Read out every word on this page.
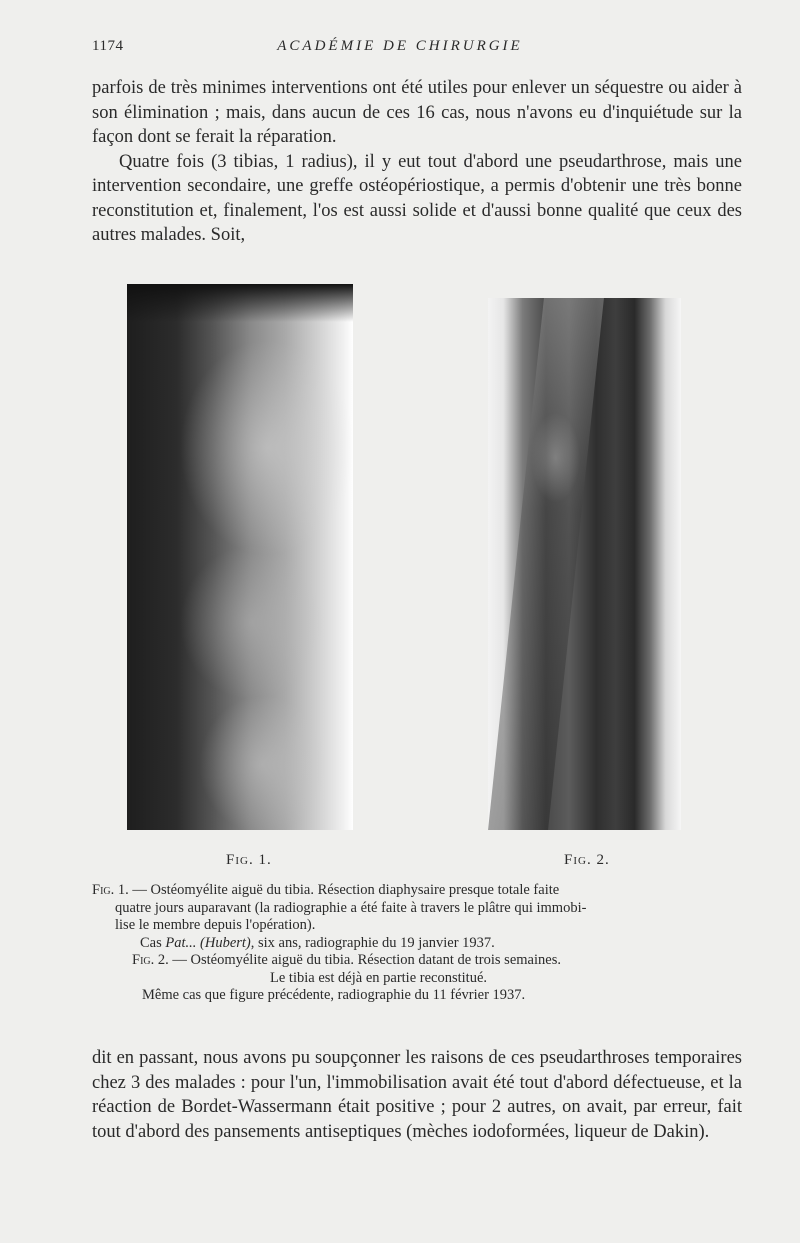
1174	ACADÉMIE DE CHIRURGIE

parfois de très minimes interventions ont été utiles pour enlever un séquestre ou aider à son élimination ; mais, dans aucun de ces 16 cas, nous n'avons eu d'inquiétude sur la façon dont se ferait la réparation.

Quatre fois (3 tibias, 1 radius), il y eut tout d'abord une pseudarthrose, mais une intervention secondaire, une greffe ostéopériostique, a permis d'obtenir une très bonne reconstitution et, finalement, l'os est aussi solide et d'aussi bonne qualité que ceux des autres malades. Soit,

Fig. 1.	Fig. 2.
Fig. 1. — Ostéomyélite aiguë du tibia. Résection diaphysaire presque totale faite
quatre jours auparavant (la radiographie a été faite à travers le plâtre qui immobi-
lise le membre depuis l'opération).
Cas Pat... (Hubert), six ans, radiographie du 19 janvier 1937.
Fig. 2. — Ostéomyélite aiguë du tibia. Résection datant de trois semaines.
Le tibia est déjà en partie reconstitué.
Même cas que figure précédente, radiographie du 11 février 1937.

dit en passant, nous avons pu soupçonner les raisons de ces pseudarthroses temporaires chez 3 des malades : pour l'un, l'immobilisation avait été tout d'abord défectueuse, et la réaction de Bordet-Wassermann était positive ; pour 2 autres, on avait, par erreur, fait tout d'abord des pansements antiseptiques (mèches iodoformées, liqueur de Dakin).
